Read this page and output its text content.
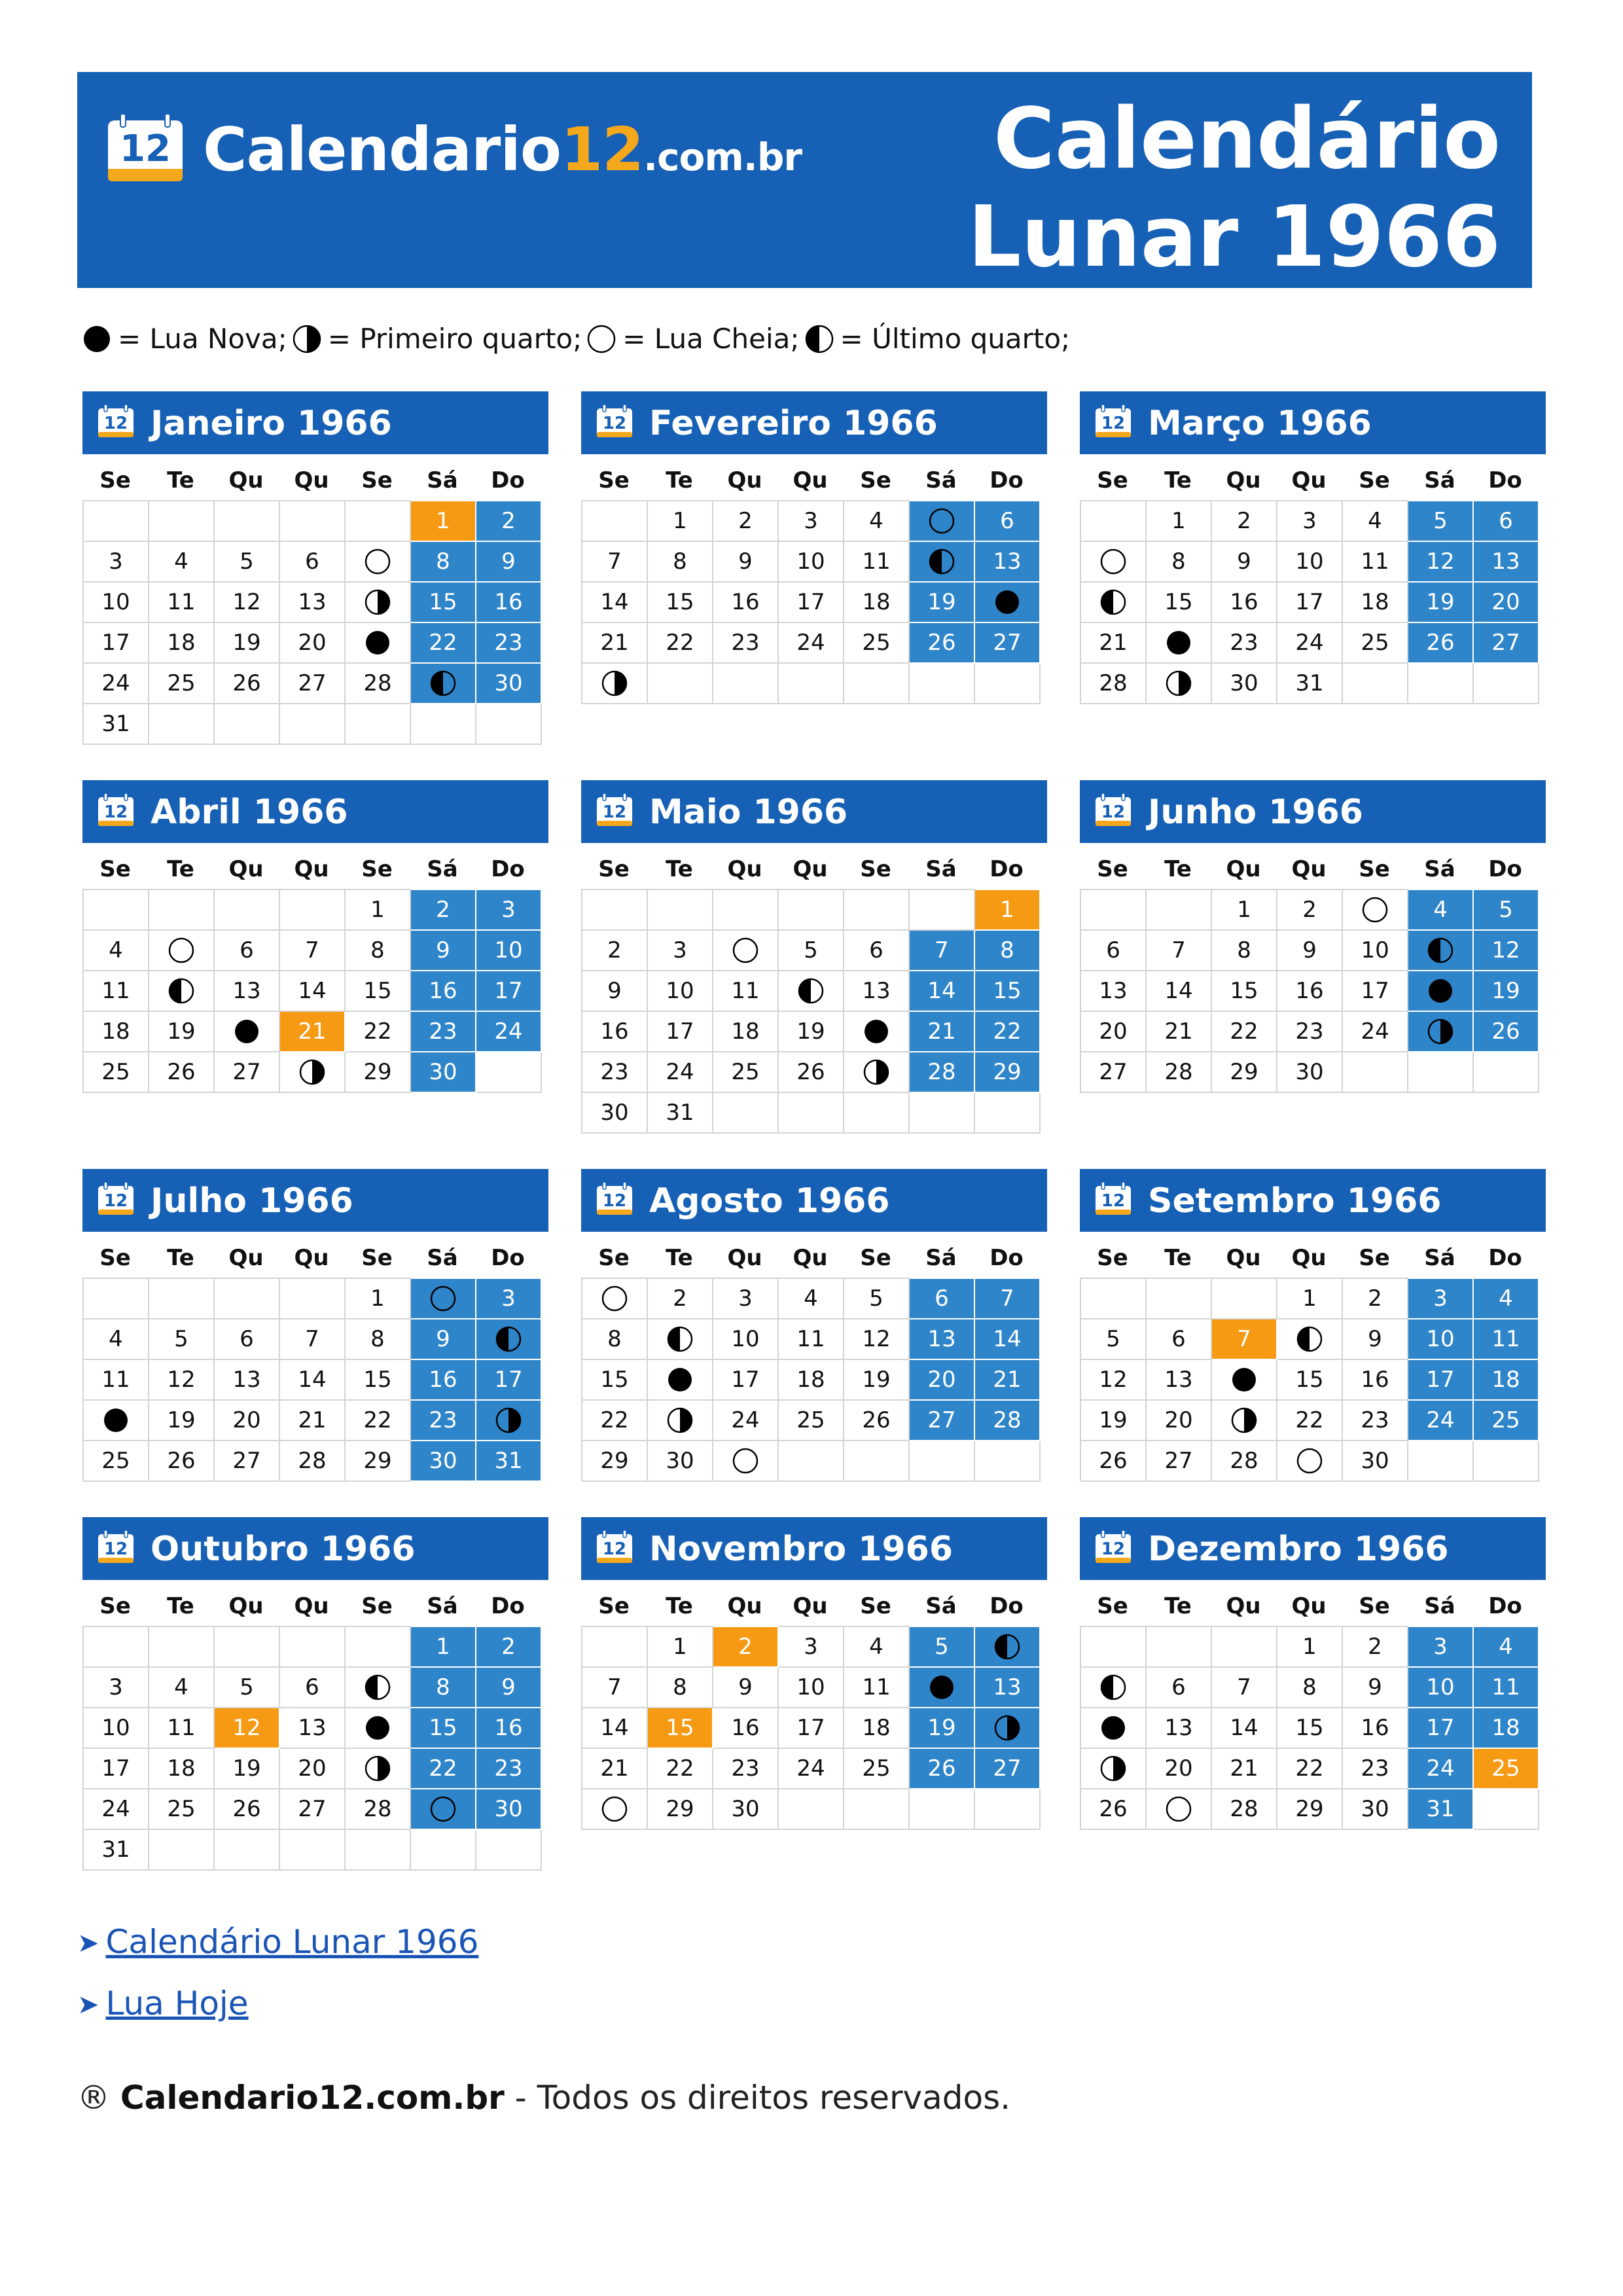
12 Calendario12.com.br	Calendário
Lunar 1966
= Lua Nova; = Primeiro quarto; = Lua Cheia; = Último quarto;
12 Janeiro 1966
Se	Te	Qu	Qu	Se	Sá	Do
					1	2
3	4	5	6		8	9
10	11	12	13		15	16
17	18	19	20		22	23
24	25	26	27	28		30
31						
12 Fevereiro 1966
Se	Te	Qu	Qu	Se	Sá	Do
	1	2	3	4		6
7	8	9	10	11		13
14	15	16	17	18	19	

21	22	23	24	25	26	27

12 Março 1966
Se	Te	Qu	Qu	Se	Sá	Do
	1	2	3	4	5	6

	8	9	10	11	12	13

	15	16	17	18	19	20
21		23	24	25	26	27
28		30	31			
12 Abril 1966
Se	Te	Qu	Qu	Se	Sá	Do
				1	2	3
4		6	7	8	9	10
11		13	14	15	16	17
18	19		21	22	23	24
25	26	27		29	30	
12 Maio 1966
Se	Te	Qu	Qu	Se	Sá	Do
						1
2	3		5	6	7	8
9	10	11		13	14	15
16	17	18	19		21	22
23	24	25	26		28	29
30	31					
12 Junho 1966
Se	Te	Qu	Qu	Se	Sá	Do
		1	2		4	5
6	7	8	9	10		12
13	14	15	16	17		19
20	21	22	23	24		26
27	28	29	30			
12 Julho 1966
Se	Te	Qu	Qu	Se	Sá	Do
				1		3
4	5	6	7	8	9	

11	12	13	14	15	16	17

	19	20	21	22	23	

25	26	27	28	29	30	31
12 Agosto 1966
Se	Te	Qu	Qu	Se	Sá	Do
	2	3	4	5	6	7
8		10	11	12	13	14
15		17	18	19	20	21
22		24	25	26	27	28
29	30	

12 Setembro 1966
Se	Te	Qu	Qu	Se	Sá	Do
			1	2	3	4
5	6	7		9	10	11
12	13		15	16	17	18
19	20		22	23	24	25
26	27	28		30		
12 Outubro 1966
Se	Te	Qu	Qu	Se	Sá	Do
					1	2
3	4	5	6		8	9
10	11	12	13		15	16
17	18	19	20		22	23
24	25	26	27	28		30
31						
12 Novembro 1966
Se	Te	Qu	Qu	Se	Sá	Do
	1	2	3	4	5	

7	8	9	10	11		13
14	15	16	17	18	19	

21	22	23	24	25	26	27

	29	30				
12 Dezembro 1966
Se	Te	Qu	Qu	Se	Sá	Do
			1	2	3	4

	6	7	8	9	10	11

	13	14	15	16	17	18

	20	21	22	23	24	25
26		28	29	30	31	
➤ Calendário Lunar 1966
➤ Lua Hoje
® Calendario12.com.br - Todos os direitos reservados.
